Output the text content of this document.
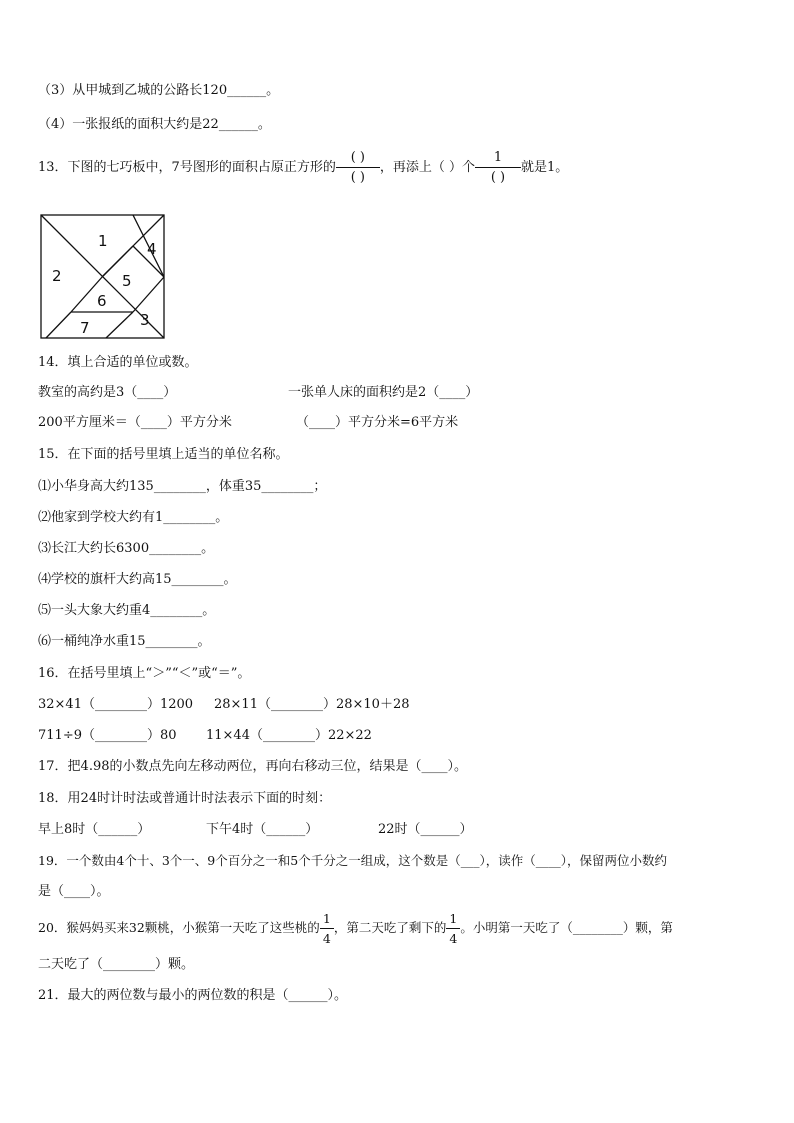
（3）从甲城到乙城的公路长120______。
（4）一张报纸的面积大约是22______。
13．下图的七巧板中，7号图形的面积占原正方形的 $\frac{( )}{( )}$ ，再添上（ ）个 $\frac{1}{( )}$ 就是1。
1
2
3
4
5
6
7
14．填上合适的单位或数。
教室的高约是3（____）	一张单人床的面积约是2（____）
200平方厘米＝（____）平方分米	（____）平方分米=6平方米
15．在下面的括号里填上适当的单位名称。
⑴小华身高大约135________，体重35________；
⑵他家到学校大约有1________。
⑶长江大约长6300________。
⑷学校的旗杆大约高15________。
⑸一头大象大约重4________。
⑹一桶纯净水重15________。
16．在括号里填上“＞”“＜”或“＝”。
32×41（________）1200 28×11（________）28×10＋28
711÷9（________）80 11×44（________）22×22
17．把4.98的小数点先向左移动两位，再向右移动三位，结果是（____）。
18．用24时计时法或普通计时法表示下面的时刻：
早上8时（______）	下午4时（______）	22时（______）
19．一个数由4个十、3个一、9个百分之一和5个千分之一组成，这个数是（___），读作（____），保留两位小数约
是（____）。
20．猴妈妈买来32颗桃，小猴第一天吃了这些桃的 $\frac{1}{4}$ ，第二天吃了剩下的 $\frac{1}{4}$ 。小明第一天吃了（________）颗，第
二天吃了（________）颗。
21．最大的两位数与最小的两位数的积是（______）。
